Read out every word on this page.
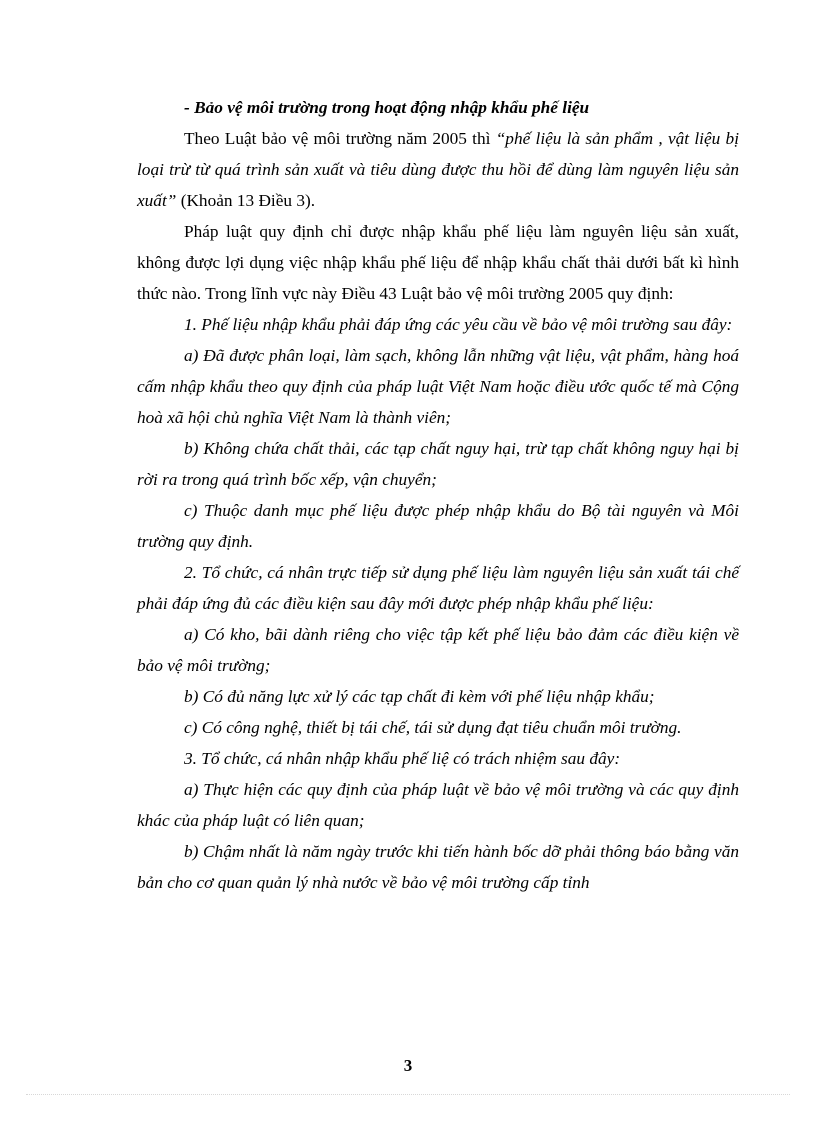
- Bảo vệ môi trường trong hoạt động nhập khẩu phế liệu

Theo Luật bảo vệ môi trường năm 2005 thì “phế liệu là sản phẩm , vật liệu bị loại trừ từ quá trình sản xuất và tiêu dùng được thu hồi để dùng làm nguyên liệu sản xuất” (Khoản 13 Điều 3).

Pháp luật quy định chỉ được nhập khẩu phế liệu làm nguyên liệu sản xuất, không được lợi dụng việc nhập khẩu phế liệu để nhập khẩu chất thải dưới bất kì hình thức nào. Trong lĩnh vực này Điều 43 Luật bảo vệ môi trường 2005 quy định:

1. Phế liệu nhập khẩu phải đáp ứng các yêu cầu về bảo vệ môi trường sau đây:

a) Đã được phân loại, làm sạch, không lẫn những vật liệu, vật phẩm, hàng hoá cấm nhập khẩu theo quy định của pháp luật Việt Nam hoặc điều ước quốc tế mà Cộng hoà xã hội chủ nghĩa Việt Nam là thành viên;

b) Không chứa chất thải, các tạp chất nguy hại, trừ tạp chất không nguy hại bị rời ra trong quá trình bốc xếp, vận chuyển;

c) Thuộc danh mục phế liệu được phép nhập khẩu do Bộ tài nguyên và Môi trường quy định.

2. Tổ chức, cá nhân trực tiếp sử dụng phế liệu làm nguyên liệu sản xuất tái chế phải đáp ứng đủ các điều kiện sau đây mới được phép nhập khẩu phế liệu:

a) Có kho, bãi dành riêng cho việc tập kết phế liệu bảo đảm các điều kiện về bảo vệ môi trường;

b) Có đủ năng lực xử lý các tạp chất đi kèm với phế liệu nhập khẩu;

c) Có công nghệ, thiết bị tái chế, tái sử dụng đạt tiêu chuẩn môi trường.

3. Tổ chức, cá nhân nhập khẩu phế liệ có trách nhiệm sau đây:

a) Thực hiện các quy định của pháp luật về bảo vệ môi trường và các quy định khác của pháp luật có liên quan;

b) Chậm nhất là năm ngày trước khi tiến hành bốc dỡ phải thông báo bằng văn bản cho cơ quan quản lý nhà nước về bảo vệ môi trường cấp tỉnh

3
